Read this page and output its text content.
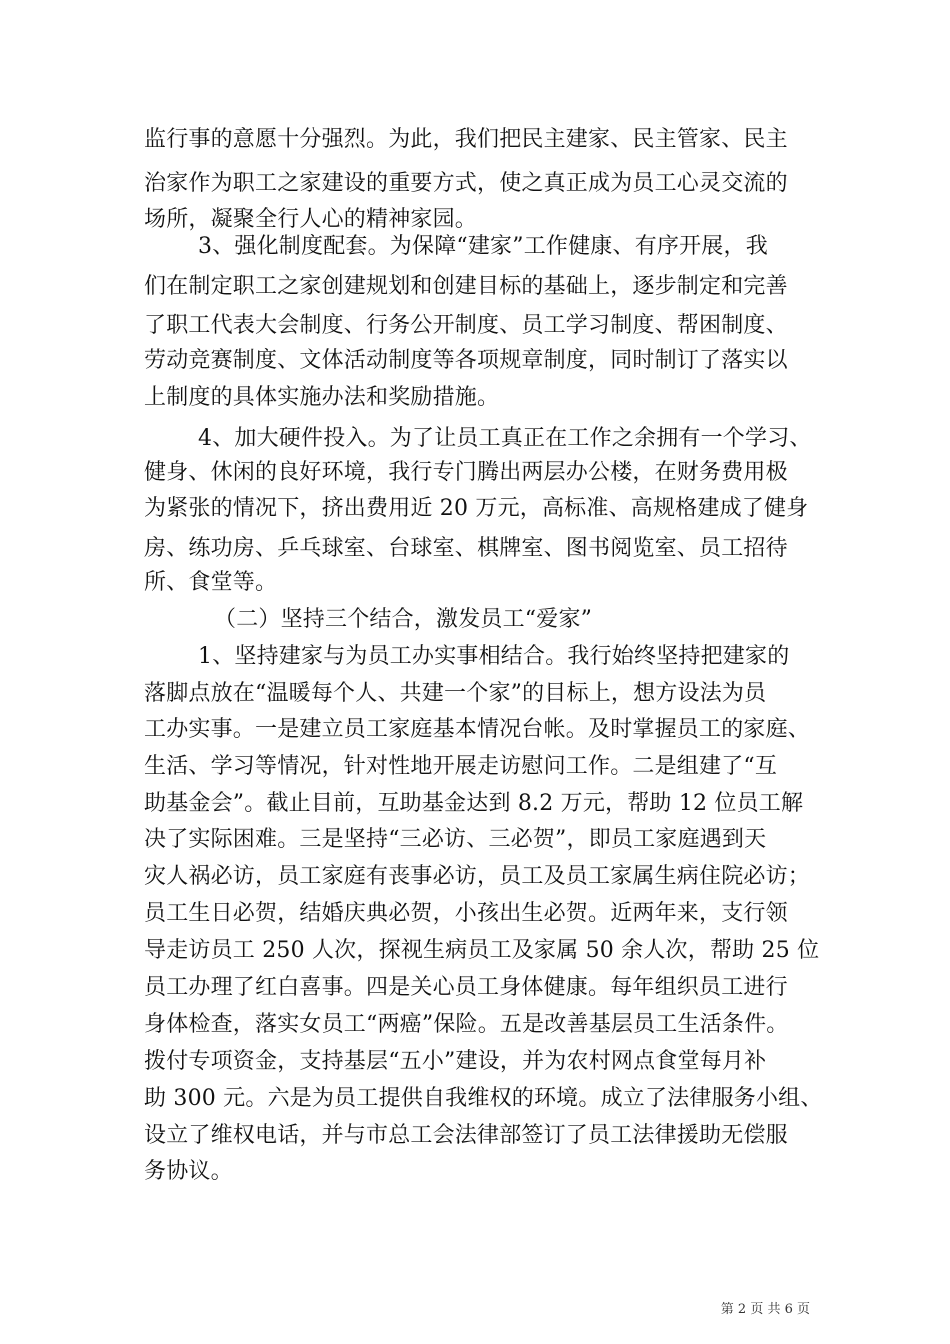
监行事的意愿十分强烈。为此，我们把民主建家、民主管家、民主
治家作为职工之家建设的重要方式，使之真正成为员工心灵交流的
场所，凝聚全行人心的精神家园。
3、强化制度配套。为保障“建家”工作健康、有序开展，我
们在制定职工之家创建规划和创建目标的基础上，逐步制定和完善
了职工代表大会制度、行务公开制度、员工学习制度、帮困制度、
劳动竞赛制度、文体活动制度等各项规章制度，同时制订了落实以
上制度的具体实施办法和奖励措施。
4、加大硬件投入。为了让员工真正在工作之余拥有一个学习、
健身、休闲的良好环境，我行专门腾出两层办公楼，在财务费用极
为紧张的情况下，挤出费用近 20 万元，高标准、高规格建成了健身
房、练功房、乒乓球室、台球室、棋牌室、图书阅览室、员工招待
所、食堂等。
（二）坚持三个结合，激发员工“爱家”
1、坚持建家与为员工办实事相结合。我行始终坚持把建家的
落脚点放在“温暖每个人、共建一个家”的目标上，想方设法为员
工办实事。一是建立员工家庭基本情况台帐。及时掌握员工的家庭、
生活、学习等情况，针对性地开展走访慰问工作。二是组建了“互
助基金会”。截止目前，互助基金达到 8.2 万元，帮助 12 位员工解
决了实际困难。三是坚持“三必访、三必贺”，即员工家庭遇到天
灾人祸必访，员工家庭有丧事必访，员工及员工家属生病住院必访；
员工生日必贺，结婚庆典必贺，小孩出生必贺。近两年来，支行领
导走访员工 250 人次，探视生病员工及家属 50 余人次，帮助 25 位
员工办理了红白喜事。四是关心员工身体健康。每年组织员工进行
身体检查，落实女员工“两癌”保险。五是改善基层员工生活条件。
拨付专项资金，支持基层“五小”建设，并为农村网点食堂每月补
助 300 元。六是为员工提供自我维权的环境。成立了法律服务小组、
设立了维权电话，并与市总工会法律部签订了员工法律援助无偿服
务协议。
第 2 页 共 6 页
